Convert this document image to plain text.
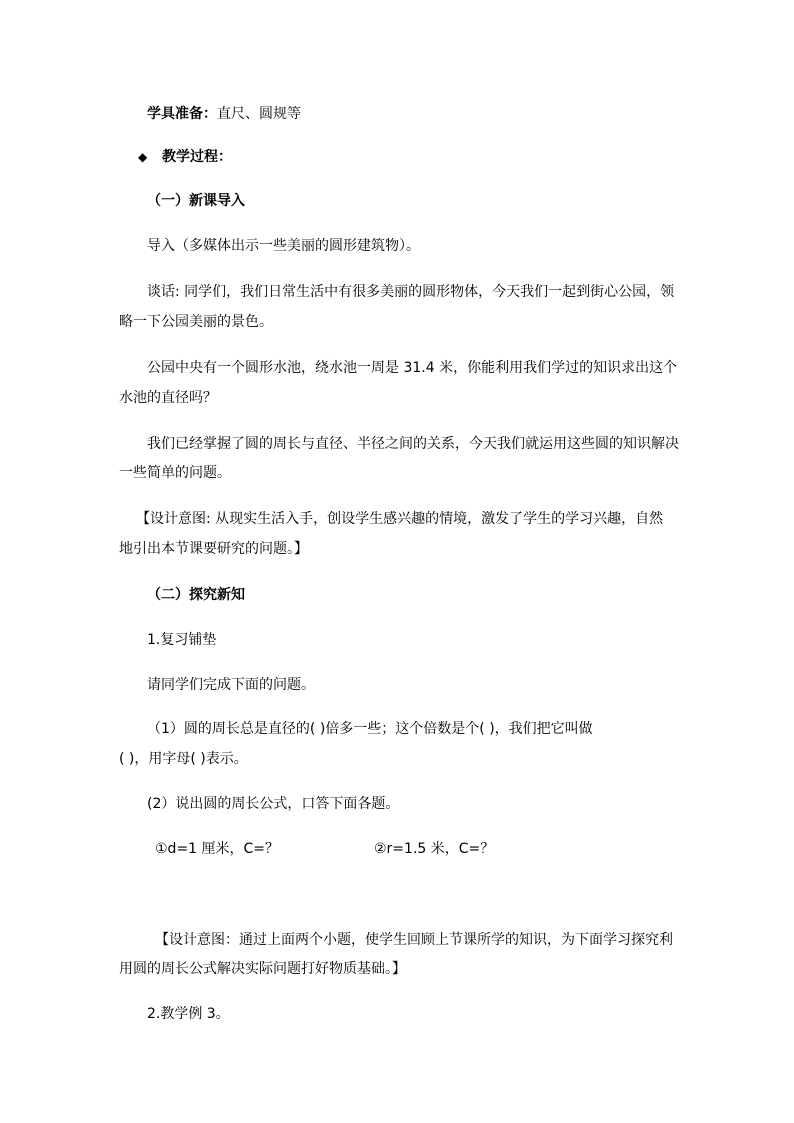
学具准备：直尺、圆规等
◆ 教学过程：
（一）新课导入
导入（多媒体出示一些美丽的圆形建筑物）。
谈话: 同学们，我们日常生活中有很多美丽的圆形物体，今天我们一起到街心公园，领
略一下公园美丽的景色。
公园中央有一个圆形水池，绕水池一周是 31.4 米，你能利用我们学过的知识求出这个
水池的直径吗？
我们已经掌握了圆的周长与直径、半径之间的关系，今天我们就运用这些圆的知识解决
一些简单的问题。
【设计意图: 从现实生活入手，创设学生感兴趣的情境，激发了学生的学习兴趣，自然
地引出本节课要研究的问题。】
（二）探究新知
1.复习铺垫
请同学们完成下面的问题。
（1）圆的周长总是直径的( )倍多一些；这个倍数是个( )，我们把它叫做
( )，用字母( )表示。
(2）说出圆的周长公式，口答下面各题。
①d=1 厘米，C=？	②r=1.5 米，C=？
【设计意图：通过上面两个小题，使学生回顾上节课所学的知识，为下面学习探究利
用圆的周长公式解决实际问题打好物质基础。】
2.教学例 3。
